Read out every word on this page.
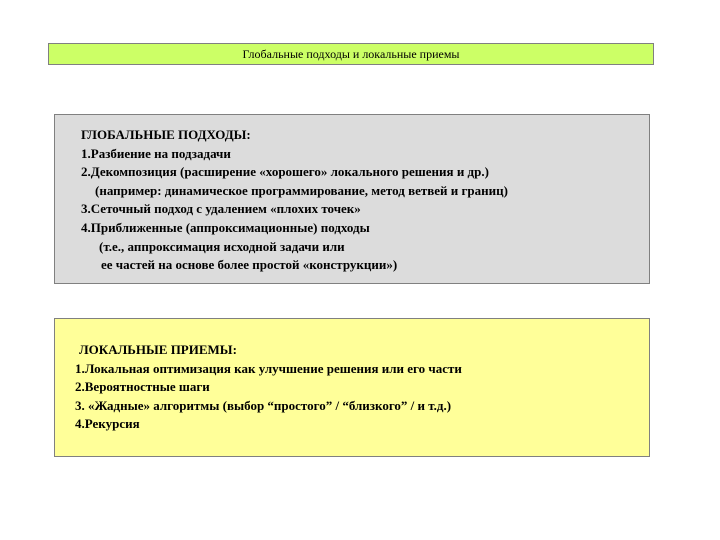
Глобальные подходы и локальные приемы
ГЛОБАЛЬНЫЕ ПОДХОДЫ:
1.Разбиение на подзадачи
2.Декомпозиция (расширение «хорошего» локального решения и др.)
(например: динамическое программирование, метод ветвей и границ)
3.Сеточный подход с удалением «плохих точек»
4.Приближенные (аппроксимационные) подходы
(т.е., аппроксимация исходной задачи или
ее частей на основе более простой «конструкции»)
ЛОКАЛЬНЫЕ ПРИЕМЫ:
1.Локальная оптимизация как улучшение решения или его части
2.Вероятностные шаги
3. «Жадные» алгоритмы (выбор “простого” / “близкого” / и т.д.)
4.Рекурсия
